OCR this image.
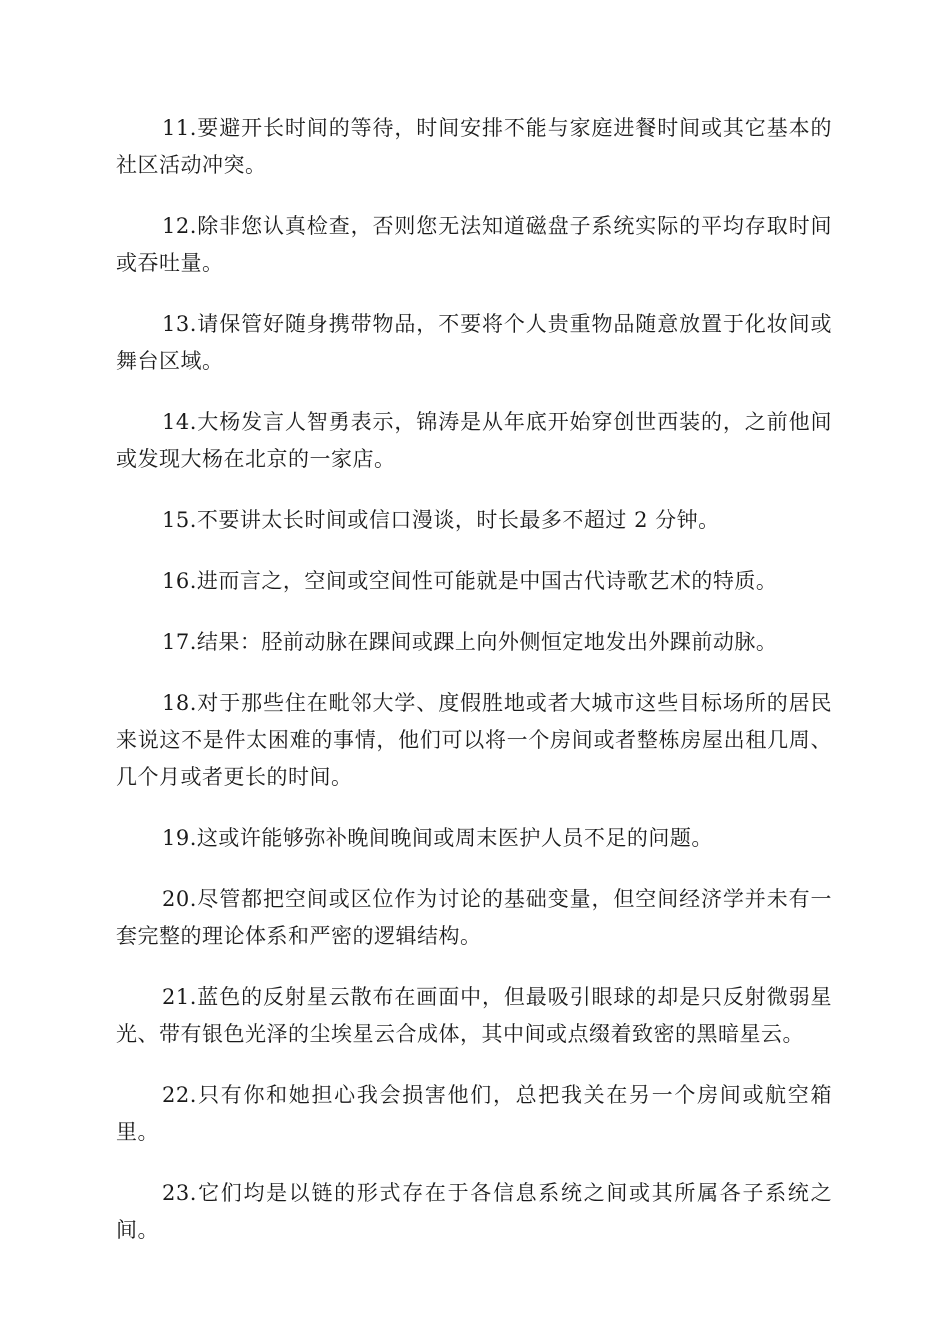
11.要避开长时间的等待，时间安排不能与家庭进餐时间或其它基本的社区活动冲突。

12.除非您认真检查，否则您无法知道磁盘子系统实际的平均存取时间或吞吐量。

13.请保管好随身携带物品，不要将个人贵重物品随意放置于化妆间或舞台区域。

14.大杨发言人智勇表示，锦涛是从年底开始穿创世西装的，之前他间或发现大杨在北京的一家店。

15.不要讲太长时间或信口漫谈，时长最多不超过 2 分钟。

16.进而言之，空间或空间性可能就是中国古代诗歌艺术的特质。

17.结果：胫前动脉在踝间或踝上向外侧恒定地发出外踝前动脉。

18.对于那些住在毗邻大学、度假胜地或者大城市这些目标场所的居民来说这不是件太困难的事情，他们可以将一个房间或者整栋房屋出租几周、几个月或者更长的时间。

19.这或许能够弥补晚间晚间或周末医护人员不足的问题。

20.尽管都把空间或区位作为讨论的基础变量，但空间经济学并未有一套完整的理论体系和严密的逻辑结构。

21.蓝色的反射星云散布在画面中，但最吸引眼球的却是只反射微弱星光、带有银色光泽的尘埃星云合成体，其中间或点缀着致密的黑暗星云。

22.只有你和她担心我会损害他们，总把我关在另一个房间或航空箱里。

23.它们均是以链的形式存在于各信息系统之间或其所属各子系统之间。
